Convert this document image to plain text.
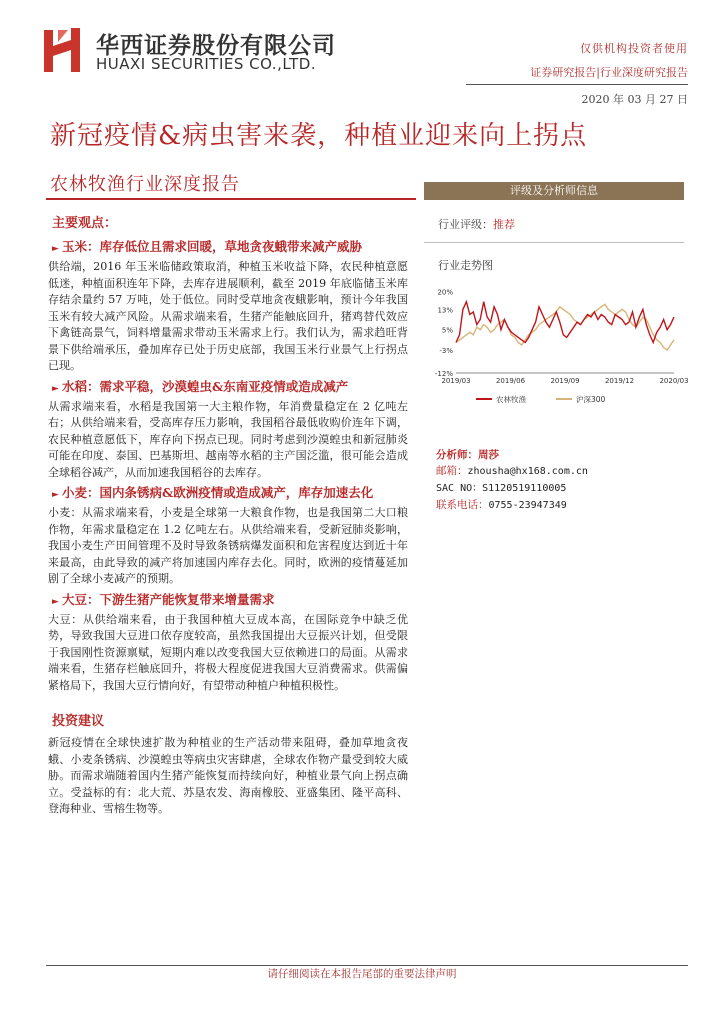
华西证券股份有限公司
HUAXI SECURITIES CO.,LTD.
仅供机构投资者使用
证券研究报告|行业深度研究报告
2020 年 03 月 27 日
新冠疫情&病虫害来袭，种植业迎来向上拐点
农林牧渔行业深度报告
主要观点：
► 玉米：库存低位且需求回暖，草地贪夜蛾带来减产威胁
供给端，2016 年玉米临储政策取消，种植玉米收益下降，农民种植意愿低迷，种植面积连年下降，去库存进展顺利，截至 2019 年底临储玉米库存结余量约 57 万吨，处于低位。同时受草地贪夜蛾影响，预计今年我国玉米有较大减产风险。从需求端来看，生猪产能触底回升，猪鸡替代效应下禽链高景气，饲料增量需求带动玉米需求上行。我们认为，需求趋旺背景下供给端承压，叠加库存已处于历史底部，我国玉米行业景气上行拐点已现。
► 水稻：需求平稳，沙漠蝗虫&东南亚疫情或造成减产
从需求端来看，水稻是我国第一大主粮作物，年消费量稳定在 2 亿吨左右；从供给端来看，受高库存压力影响，我国稻谷最低收购价连年下调，农民种植意愿低下，库存向下拐点已现。同时考虑到沙漠蝗虫和新冠肺炎可能在印度、泰国、巴基斯坦、越南等水稻的主产国泛滥，很可能会造成全球稻谷减产，从而加速我国稻谷的去库存。
► 小麦：国内条锈病&欧洲疫情或造成减产，库存加速去化
小麦：从需求端来看，小麦是全球第一大粮食作物，也是我国第二大口粮作物，年需求量稳定在 1.2 亿吨左右。从供给端来看，受新冠肺炎影响，我国小麦生产田间管理不及时导致条锈病爆发面积和危害程度达到近十年来最高，由此导致的减产将加速国内库存去化。同时，欧洲的疫情蔓延加剧了全球小麦减产的预期。
► 大豆：下游生猪产能恢复带来增量需求
大豆：从供给端来看，由于我国种植大豆成本高，在国际竞争中缺乏优势，导致我国大豆进口依存度较高，虽然我国提出大豆振兴计划，但受限于我国刚性资源禀赋，短期内难以改变我国大豆依赖进口的局面。从需求端来看，生猪存栏触底回升，将极大程度促进我国大豆消费需求。供需偏紧格局下，我国大豆行情向好，有望带动种植户种植积极性。
投资建议
新冠疫情在全球快速扩散为种植业的生产活动带来阻碍，叠加草地贪夜蛾、小麦条锈病、沙漠蝗虫等病虫灾害肆虐，全球农作物产量受到较大威胁。而需求端随着国内生猪产能恢复而持续向好，种植业景气向上拐点确立。受益标的有：北大荒、苏垦农发、海南橡胶、亚盛集团、隆平高科、登海种业、雪榕生物等。
评级及分析师信息
行业评级：推荐
行业走势图
20%
13%
5%
-3%
-12%
2019/03	2019/06	2019/09	2019/12	2020/03
农林牧渔	沪深300
分析师：周莎
邮箱：zhousha@hx168.com.cn
SAC NO：S1120519110005
联系电话：0755-23947349
请仔细阅读在本报告尾部的重要法律声明
